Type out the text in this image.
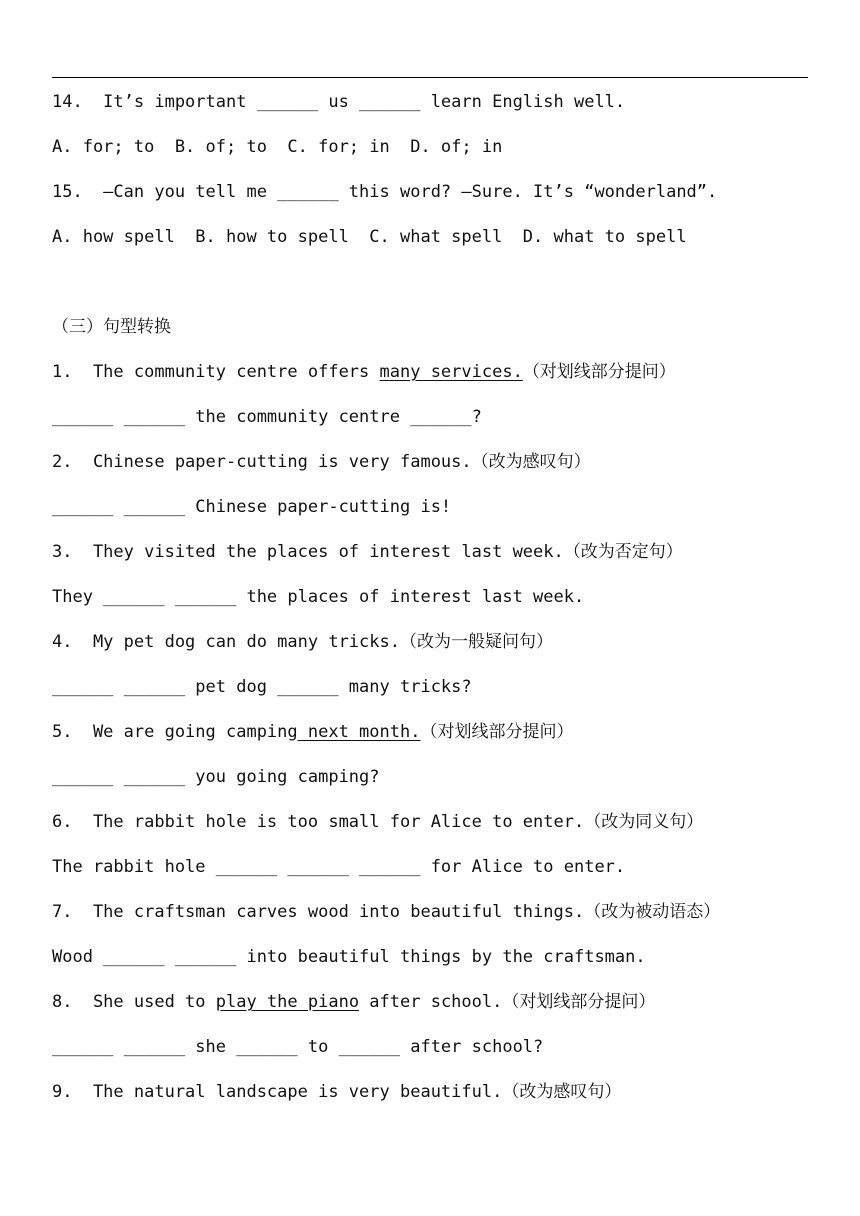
14.  It’s important ______ us ______ learn English well.
A. for; to  B. of; to  C. for; in  D. of; in
15.  —Can you tell me ______ this word? —Sure. It’s “wonderland”.
A. how spell  B. how to spell  C. what spell  D. what to spell
（三）句型转换
1.  The community centre offers many services.（对划线部分提问）
______ ______ the community centre ______?
2.  Chinese paper-cutting is very famous.（改为感叹句）
______ ______ Chinese paper-cutting is!
3.  They visited the places of interest last week.（改为否定句）
They ______ ______ the places of interest last week.
4.  My pet dog can do many tricks.（改为一般疑问句）
______ ______ pet dog ______ many tricks?
5.  We are going camping next month.（对划线部分提问）
______ ______ you going camping?
6.  The rabbit hole is too small for Alice to enter.（改为同义句）
The rabbit hole ______ ______ ______ for Alice to enter.
7.  The craftsman carves wood into beautiful things.（改为被动语态）
Wood ______ ______ into beautiful things by the craftsman.
8.  She used to play the piano after school.（对划线部分提问）
______ ______ she ______ to ______ after school?
9.  The natural landscape is very beautiful.（改为感叹句）
